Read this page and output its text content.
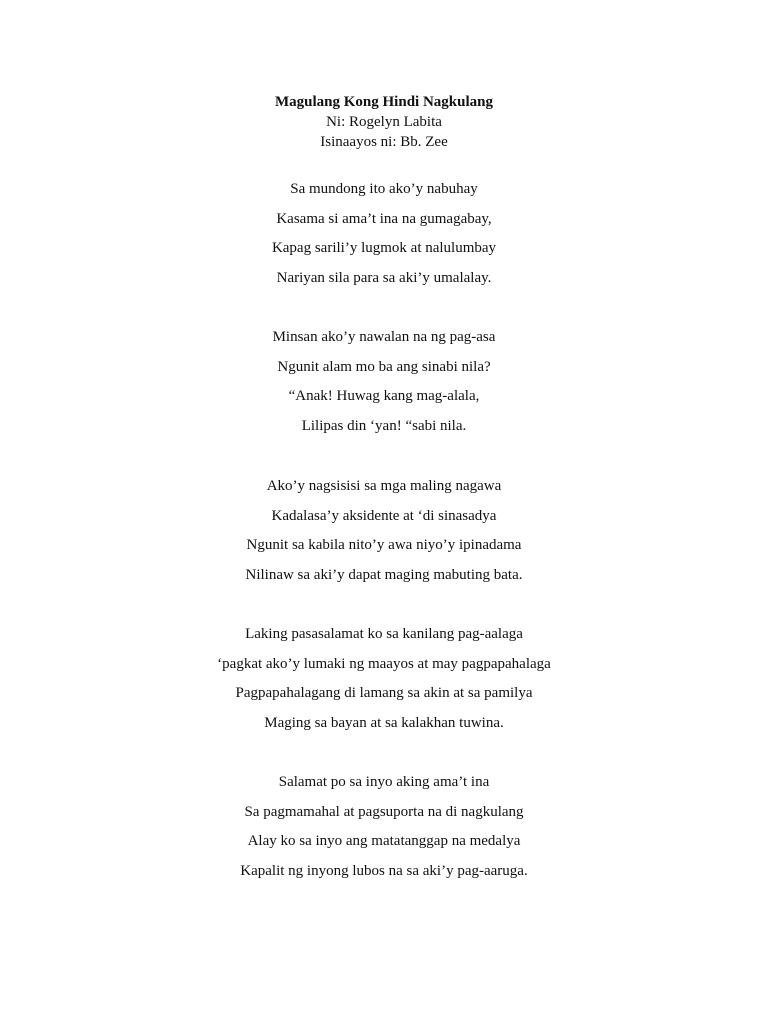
Magulang Kong Hindi Nagkulang
Ni: Rogelyn Labita
Isinaayos ni: Bb. Zee
Sa mundong ito ako’y nabuhay
Kasama si ama’t ina na gumagabay,
Kapag sarili’y lugmok at nalulumbay
Nariyan sila para sa aki’y umalalay.
Minsan ako’y nawalan na ng pag-asa
Ngunit alam mo ba ang sinabi nila?
“Anak! Huwag kang mag-alala,
Lilipas din ‘yan! “sabi nila.
Ako’y nagsisisi sa mga maling nagawa
Kadalasa’y aksidente at ‘di sinasadya
Ngunit sa kabila nito’y awa niyo’y ipinadama
Nilinaw sa aki’y dapat maging mabuting bata.
Laking pasasalamat ko sa kanilang pag-aalaga
‘pagkat ako’y lumaki ng maayos at may pagpapahalaga
Pagpapahalagang di lamang sa akin at sa pamilya
Maging sa bayan at sa kalakhan tuwina.
Salamat po sa inyo aking ama’t ina
Sa pagmamahal at pagsuporta na di nagkulang
Alay ko sa inyo ang matatanggap na medalya
Kapalit ng inyong lubos na sa aki’y pag-aaruga.
